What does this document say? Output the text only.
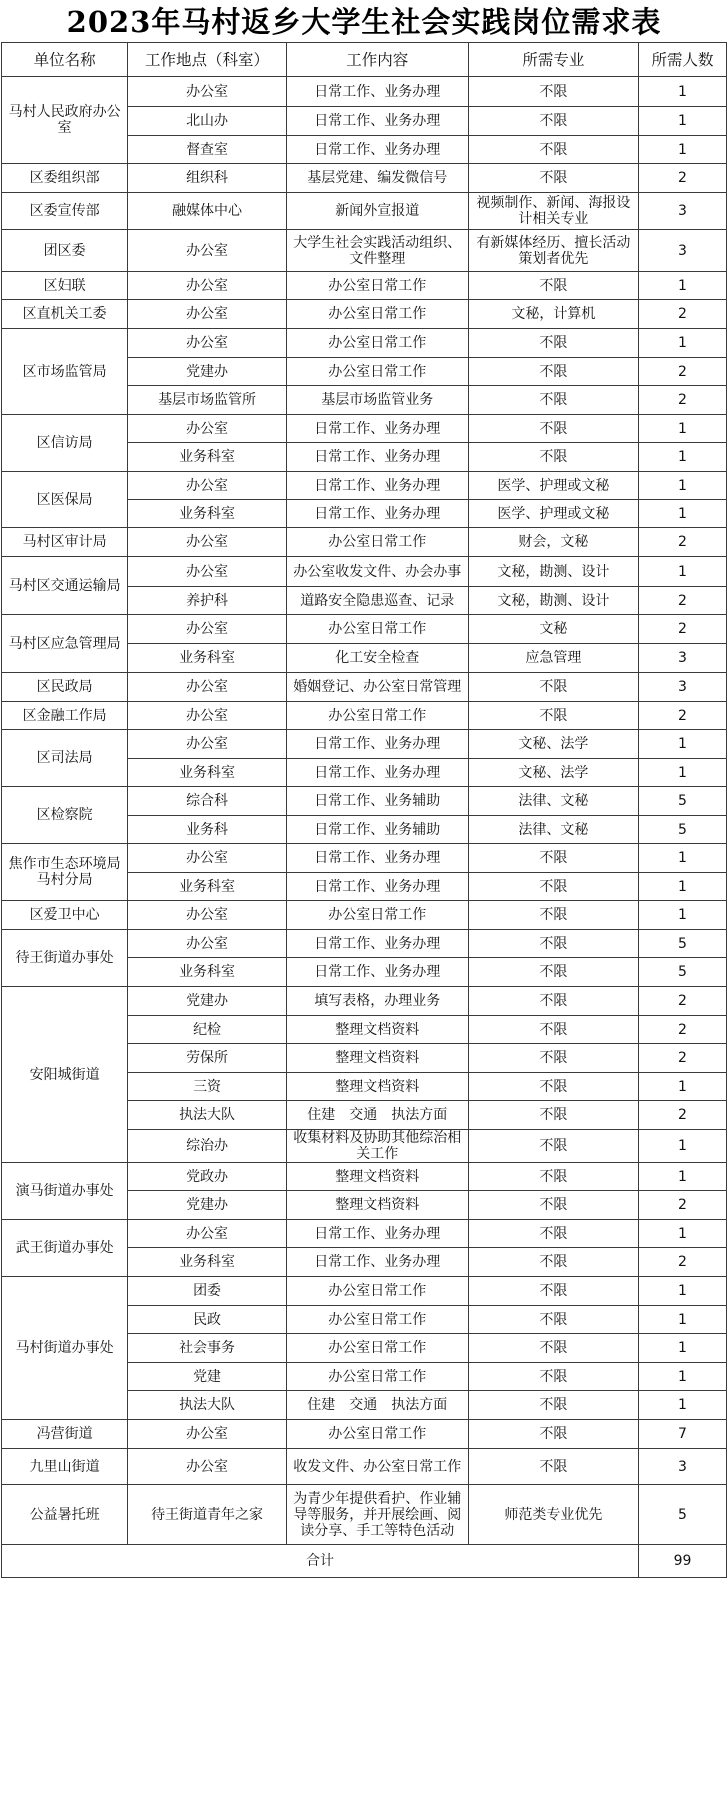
2023年马村返乡大学生社会实践岗位需求表
单位名称	工作地点（科室）	工作内容	所需专业	所需人数
马村人民政府办公室	办公室	日常工作、业务办理	不限	1
	北山办	日常工作、业务办理	不限	1
	督查室	日常工作、业务办理	不限	1
区委组织部	组织科	基层党建、编发微信号	不限	2
区委宣传部	融媒体中心	新闻外宣报道	视频制作、新闻、海报设计相关专业	3
团区委	办公室	大学生社会实践活动组织、文件整理	有新媒体经历、擅长活动策划者优先	3
区妇联	办公室	办公室日常工作	不限	1
区直机关工委	办公室	办公室日常工作	文秘，计算机	2
区市场监管局	办公室	办公室日常工作	不限	1
	党建办	办公室日常工作	不限	2
	基层市场监管所	基层市场监管业务	不限	2
区信访局	办公室	日常工作、业务办理	不限	1
	业务科室	日常工作、业务办理	不限	1
区医保局	办公室	日常工作、业务办理	医学、护理或文秘	1
	业务科室	日常工作、业务办理	医学、护理或文秘	1
马村区审计局	办公室	办公室日常工作	财会，文秘	2
马村区交通运输局	办公室	办公室收发文件、办会办事	文秘，勘测、设计	1
	养护科	道路安全隐患巡查、记录	文秘，勘测、设计	2
马村区应急管理局	办公室	办公室日常工作	文秘	2
	业务科室	化工安全检查	应急管理	3
区民政局	办公室	婚姻登记、办公室日常管理	不限	3
区金融工作局	办公室	办公室日常工作	不限	2
区司法局	办公室	日常工作、业务办理	文秘、法学	1
	业务科室	日常工作、业务办理	文秘、法学	1
区检察院	综合科	日常工作、业务辅助	法律、文秘	5
	业务科	日常工作、业务辅助	法律、文秘	5
焦作市生态环境局马村分局	办公室	日常工作、业务办理	不限	1
	业务科室	日常工作、业务办理	不限	1
区爱卫中心	办公室	办公室日常工作	不限	1
待王街道办事处	办公室	日常工作、业务办理	不限	5
	业务科室	日常工作、业务办理	不限	5
安阳城街道	党建办	填写表格，办理业务	不限	2
	纪检	整理文档资料	不限	2
	劳保所	整理文档资料	不限	2
	三资	整理文档资料	不限	1
	执法大队	住建　交通　执法方面	不限	2
	综治办	收集材料及协助其他综治相关工作	不限	1
演马街道办事处	党政办	整理文档资料	不限	1
	党建办	整理文档资料	不限	2
武王街道办事处	办公室	日常工作、业务办理	不限	1
	业务科室	日常工作、业务办理	不限	2
马村街道办事处	团委	办公室日常工作	不限	1
	民政	办公室日常工作	不限	1
	社会事务	办公室日常工作	不限	1
	党建	办公室日常工作	不限	1
	执法大队	住建　交通　执法方面	不限	1
冯营街道	办公室	办公室日常工作	不限	7
九里山街道	办公室	收发文件、办公室日常工作	不限	3
公益暑托班	待王街道青年之家	为青少年提供看护、作业辅导等服务，并开展绘画、阅读分享、手工等特色活动	师范类专业优先	5
合计				99
